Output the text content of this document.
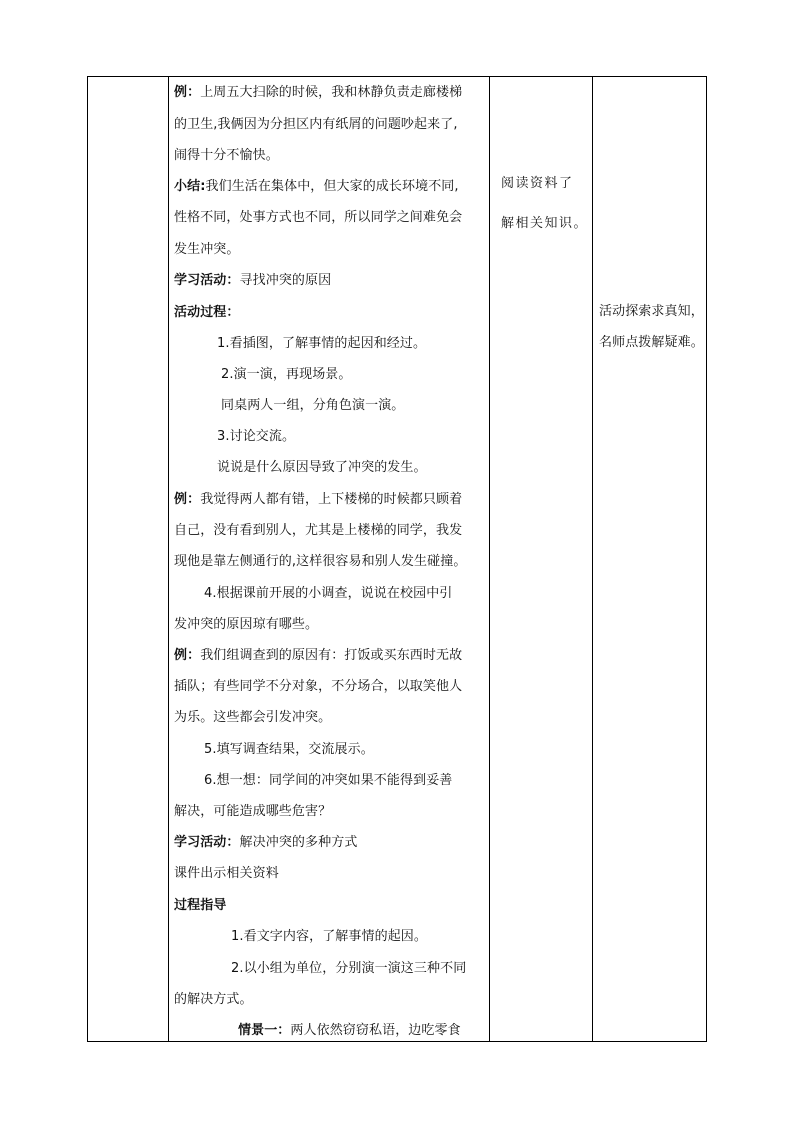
例：上周五大扫除的时候，我和林静负责走廊楼梯
的卫生,我俩因为分担区内有纸屑的问题吵起来了,
闹得十分不愉快。
小结:我们生活在集体中，但大家的成长环境不同,
性格不同，处事方式也不同，所以同学之间难免会
发生冲突。
学习活动：寻找冲突的原因
活动过程：
1.看插图，了解事情的起因和经过。
2.演一演，再现场景。
同桌两人一组，分角色演一演。
3.讨论交流。
说说是什么原因导致了冲突的发生。
例：我觉得两人都有错，上下楼梯的时候都只顾着
自己，没有看到别人，尤其是上楼梯的同学，我发
现他是靠左侧通行的,这样很容易和别人发生碰撞。
4.根据课前开展的小调查，说说在校园中引
发冲突的原因琼有哪些。
例：我们组调查到的原因有：打饭或买东西时无故
插队；有些同学不分对象，不分场合，以取笑他人
为乐。这些都会引发冲突。
5.填写调查结果，交流展示。
6.想一想：同学间的冲突如果不能得到妥善
解决，可能造成哪些危害？
学习活动：解决冲突的多种方式
课件出示相关资料
过程指导
1.看文字内容，了解事情的起因。
2.以小组为单位，分别演一演这三种不同
的解决方式。
情景一：两人依然窃窃私语，边吃零食
阅读资料了
解相关知识。
活动探索求真知，
名师点拨解疑难。
